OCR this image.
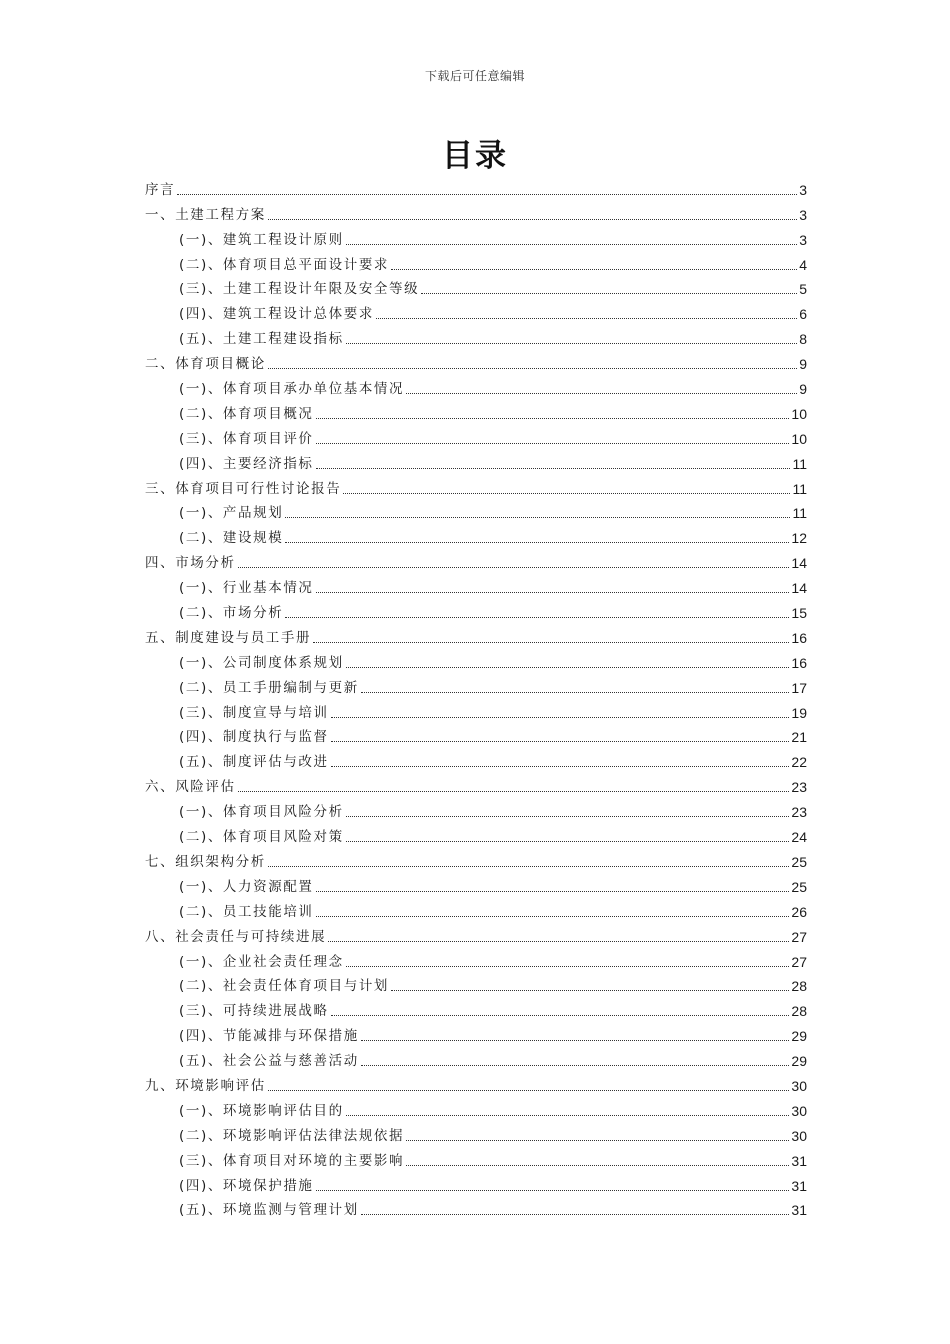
下载后可任意编辑
目录
序言	3
一、土建工程方案	3
(一)、建筑工程设计原则	3
(二)、体育项目总平面设计要求	4
(三)、土建工程设计年限及安全等级	5
(四)、建筑工程设计总体要求	6
(五)、土建工程建设指标	8
二、体育项目概论	9
(一)、体育项目承办单位基本情况	9
(二)、体育项目概况	10
(三)、体育项目评价	10
(四)、主要经济指标	11
三、体育项目可行性讨论报告	11
(一)、产品规划	11
(二)、建设规模	12
四、市场分析	14
(一)、行业基本情况	14
(二)、市场分析	15
五、制度建设与员工手册	16
(一)、公司制度体系规划	16
(二)、员工手册编制与更新	17
(三)、制度宣导与培训	19
(四)、制度执行与监督	21
(五)、制度评估与改进	22
六、风险评估	23
(一)、体育项目风险分析	23
(二)、体育项目风险对策	24
七、组织架构分析	25
(一)、人力资源配置	25
(二)、员工技能培训	26
八、社会责任与可持续进展	27
(一)、企业社会责任理念	27
(二)、社会责任体育项目与计划	28
(三)、可持续进展战略	28
(四)、节能减排与环保措施	29
(五)、社会公益与慈善活动	29
九、环境影响评估	30
(一)、环境影响评估目的	30
(二)、环境影响评估法律法规依据	30
(三)、体育项目对环境的主要影响	31
(四)、环境保护措施	31
(五)、环境监测与管理计划	31
